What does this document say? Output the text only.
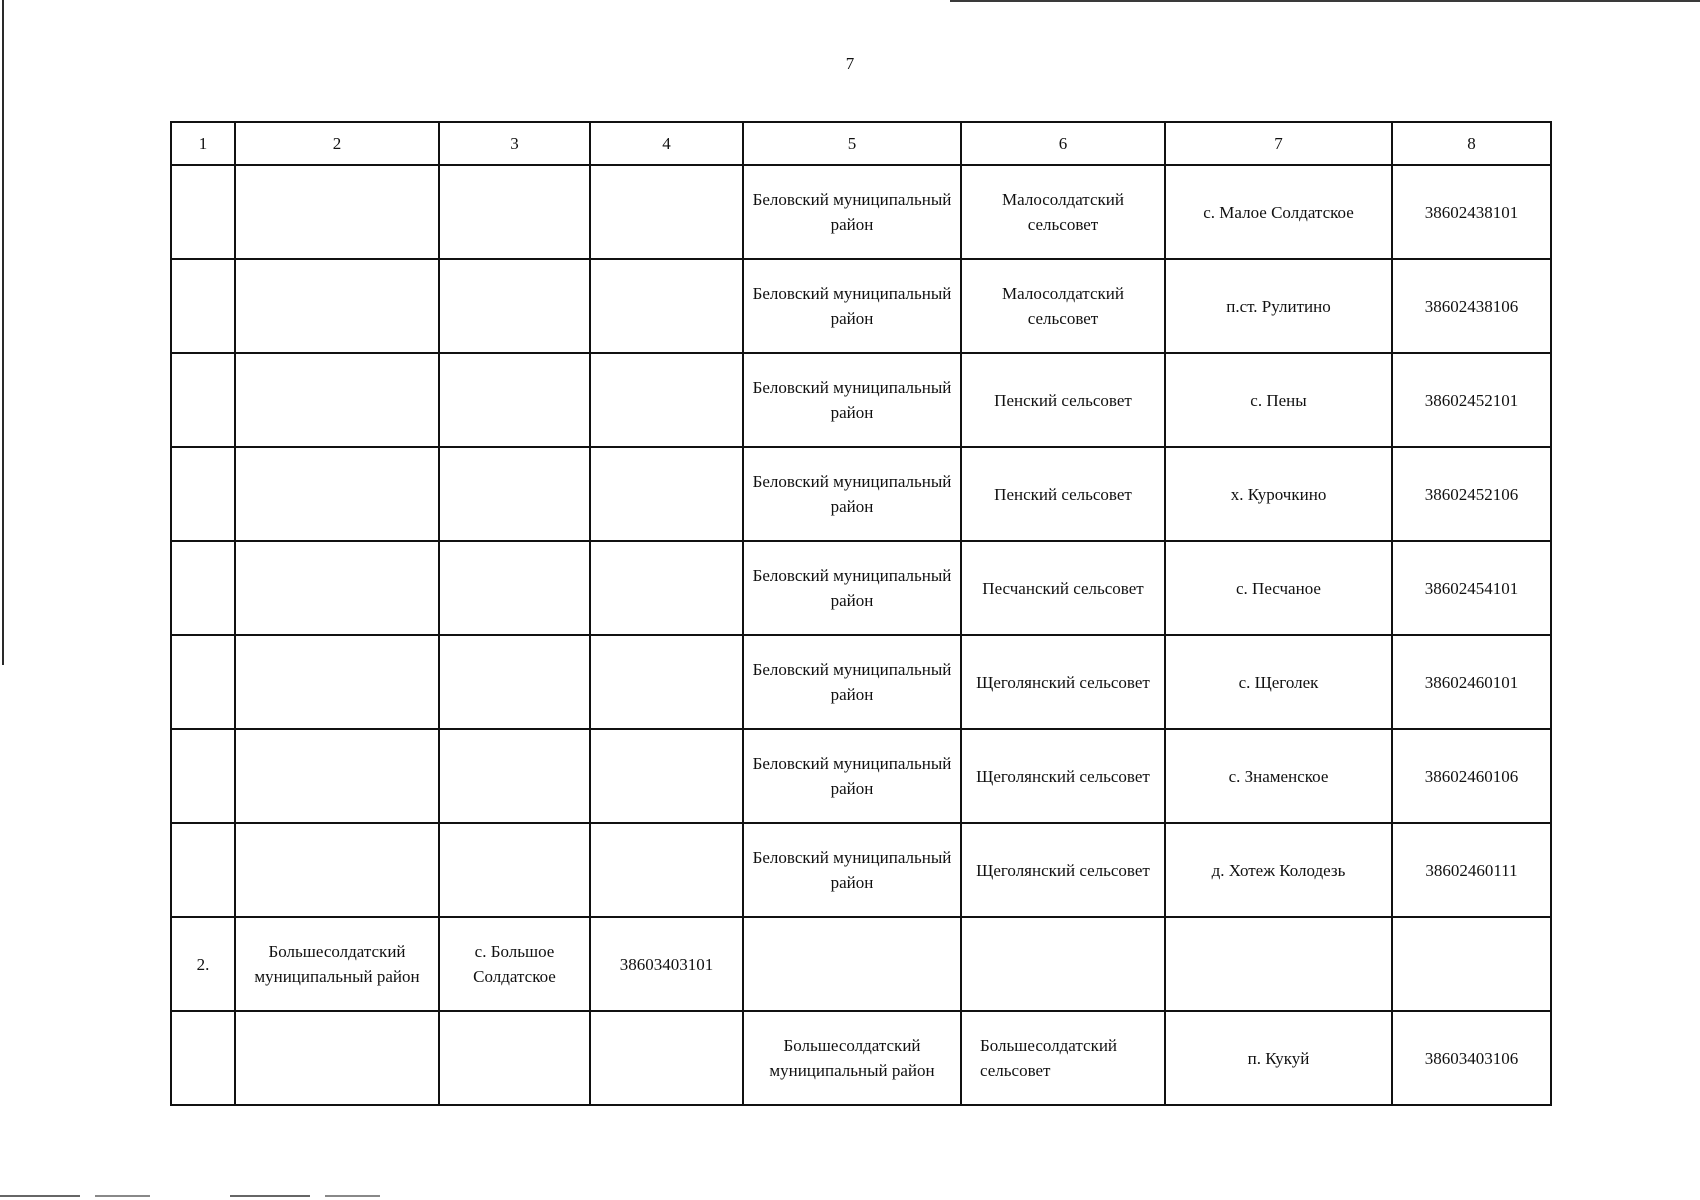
7
1	2	3	4	5	6	7	8
				Беловский муниципальный район	Малосолдатский сельсовет	с. Малое Солдатское	38602438101
				Беловский муниципальный район	Малосолдатский сельсовет	п.ст. Рулитино	38602438106
				Беловский муниципальный район	Пенский сельсовет	с. Пены	38602452101
				Беловский муниципальный район	Пенский сельсовет	х. Курочкино	38602452106
				Беловский муниципальный район	Песчанский сельсовет	с. Песчаное	38602454101
				Беловский муниципальный район	Щеголянский сельсовет	с. Щеголек	38602460101
				Беловский муниципальный район	Щеголянский сельсовет	с. Знаменское	38602460106
				Беловский муниципальный район	Щеголянский сельсовет	д. Хотеж Колодезь	38602460111
2.	Большесолдатский муниципальный район	с. Большое Солдатское	38603403101				
				Большесолдатский муниципальный район	Большесолдатский сельсовет	п. Кукуй	38603403106
